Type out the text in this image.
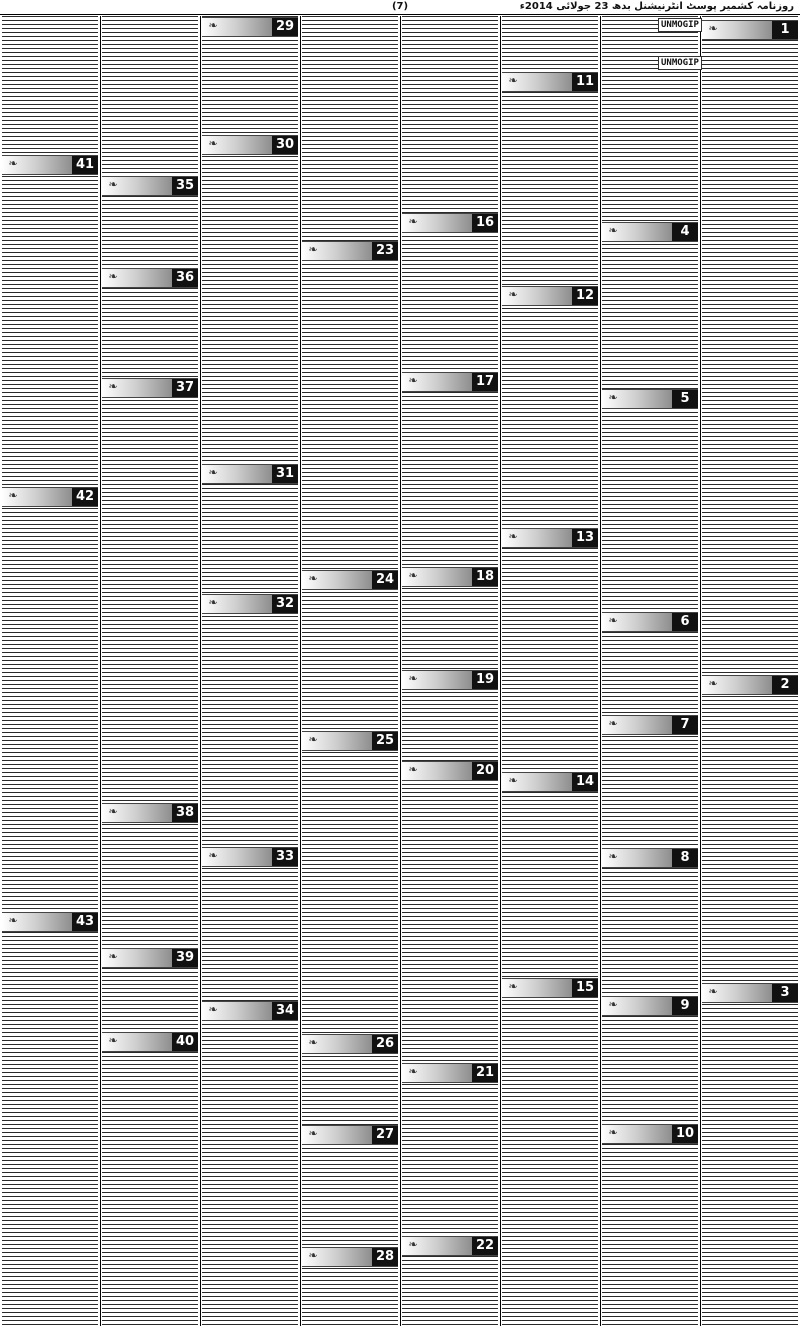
(7)	روزنامہ کشمیر پوسٹ انٹرنیشنل بدھ 23 جولائی 2014ء
UNMOGIP
UNMOGIP
❧	1
❧	2
❧	3
❧	4
❧	5
❧	6
❧	7
❧	8
❧	9
❧	10
❧	11
❧	12
❧	13
❧	14
❧	15
❧	16
❧	17
❧	18
❧	19
❧	20
❧	21
❧	22
❧	23
❧	24
❧	25
❧	26
❧	27
❧	28
❧	29
❧	30
❧	31
❧	32
❧	33
❧	34
❧	35
❧	36
❧	37
❧	38
❧	39
❧	40
❧	41
❧	42
❧	43
